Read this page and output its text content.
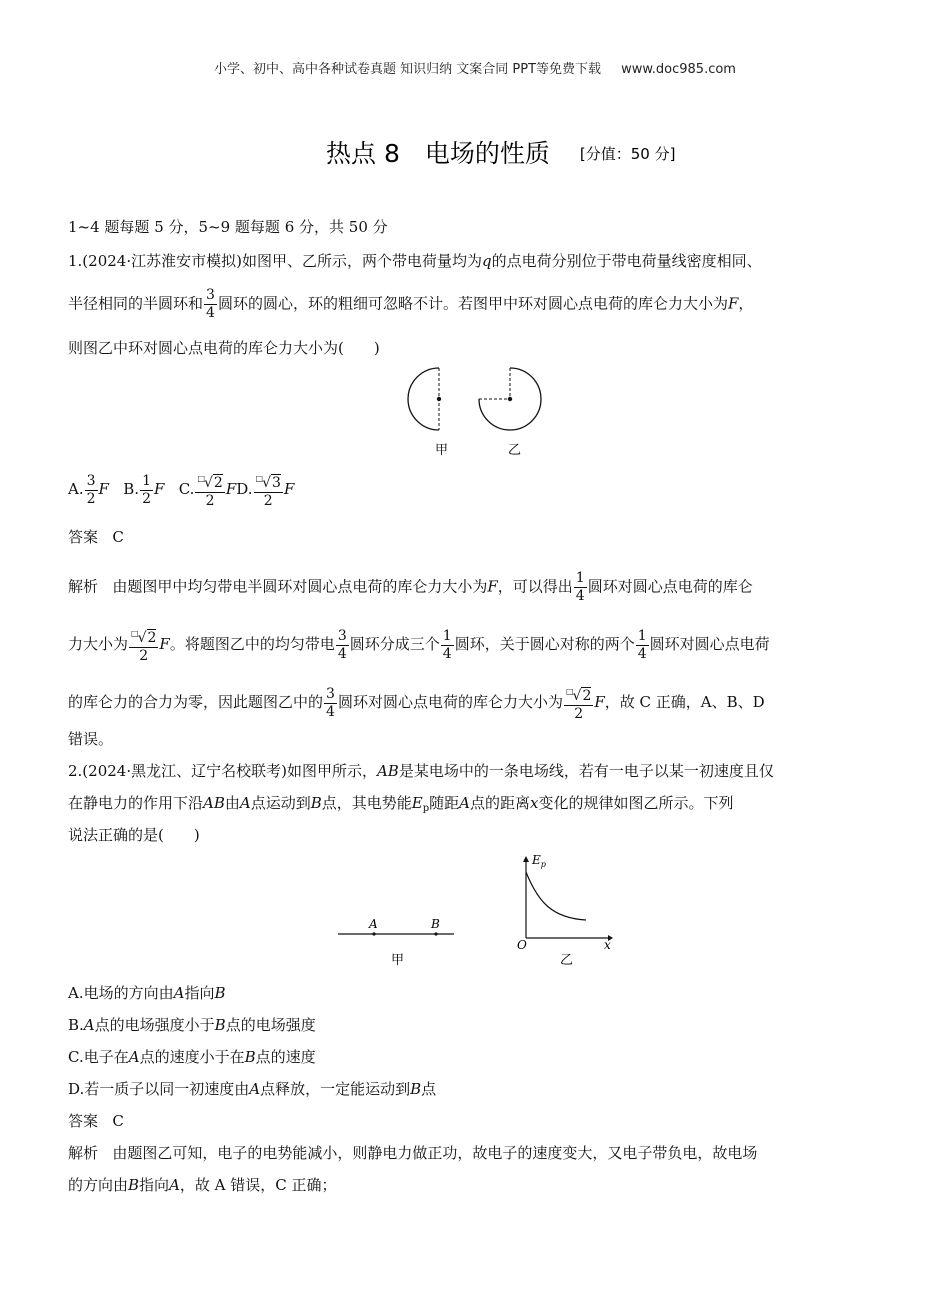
小学、初中、高中各种试卷真题 知识归纳 文案合同 PPT等免费下载 www.doc985.com
热点 8　电场的性质 [分值：50 分]
1~4 题每题 5 分，5~9 题每题 6 分，共 50 分
1.(2024·江苏淮安市模拟)如图甲、乙所示，两个带电荷量均为q的点电荷分别位于带电荷量线密度相同、
半径相同的半圆环和 $\frac{3}{4}$ 圆环的圆心，环的粗细可忽略不计。若图甲中环对圆心点电荷的库仑力大小为F，
则图乙中环对圆心点电荷的库仑力大小为(　　)
甲	乙
A. $\frac{3}{2}$ F B. $\frac{1}{2}$ F C. $\frac{^□√2}{2}$ FD. $\frac{^□√3}{2}$ F
答案 C
解析 由题图甲中均匀带电半圆环对圆心点电荷的库仑力大小为F，可以得出 $\frac{1}{4}$ 圆环对圆心点电荷的库仑
力大小为 $\frac{^□√2}{2}$ F。将题图乙中的均匀带电 $\frac{3}{4}$ 圆环分成三个 $\frac{1}{4}$ 圆环，关于圆心对称的两个 $\frac{1}{4}$ 圆环对圆心点电荷
的库仑力的合力为零，因此题图乙中的 $\frac{3}{4}$ 圆环对圆心点电荷的库仑力大小为 $\frac{^□√2}{2}$ F，故 C 正确，A、B、D
错误。
2.(2024·黑龙江、辽宁名校联考)如图甲所示，AB是某电场中的一条电场线，若有一电子以某一初速度且仅
在静电力的作用下沿AB由A点运动到B点，其电势能$E_p$随距A点的距离x变化的规律如图乙所示。下列
说法正确的是(　　)
A	B
甲
O	x
$E_p$
乙
A.电场的方向由A指向B
B.A点的电场强度小于B点的电场强度
C.电子在A点的速度小于在B点的速度
D.若一质子以同一初速度由A点释放，一定能运动到B点
答案 C
解析 由题图乙可知，电子的电势能减小，则静电力做正功，故电子的速度变大，又电子带负电，故电场
的方向由B指向A，故 A 错误，C 正确；
